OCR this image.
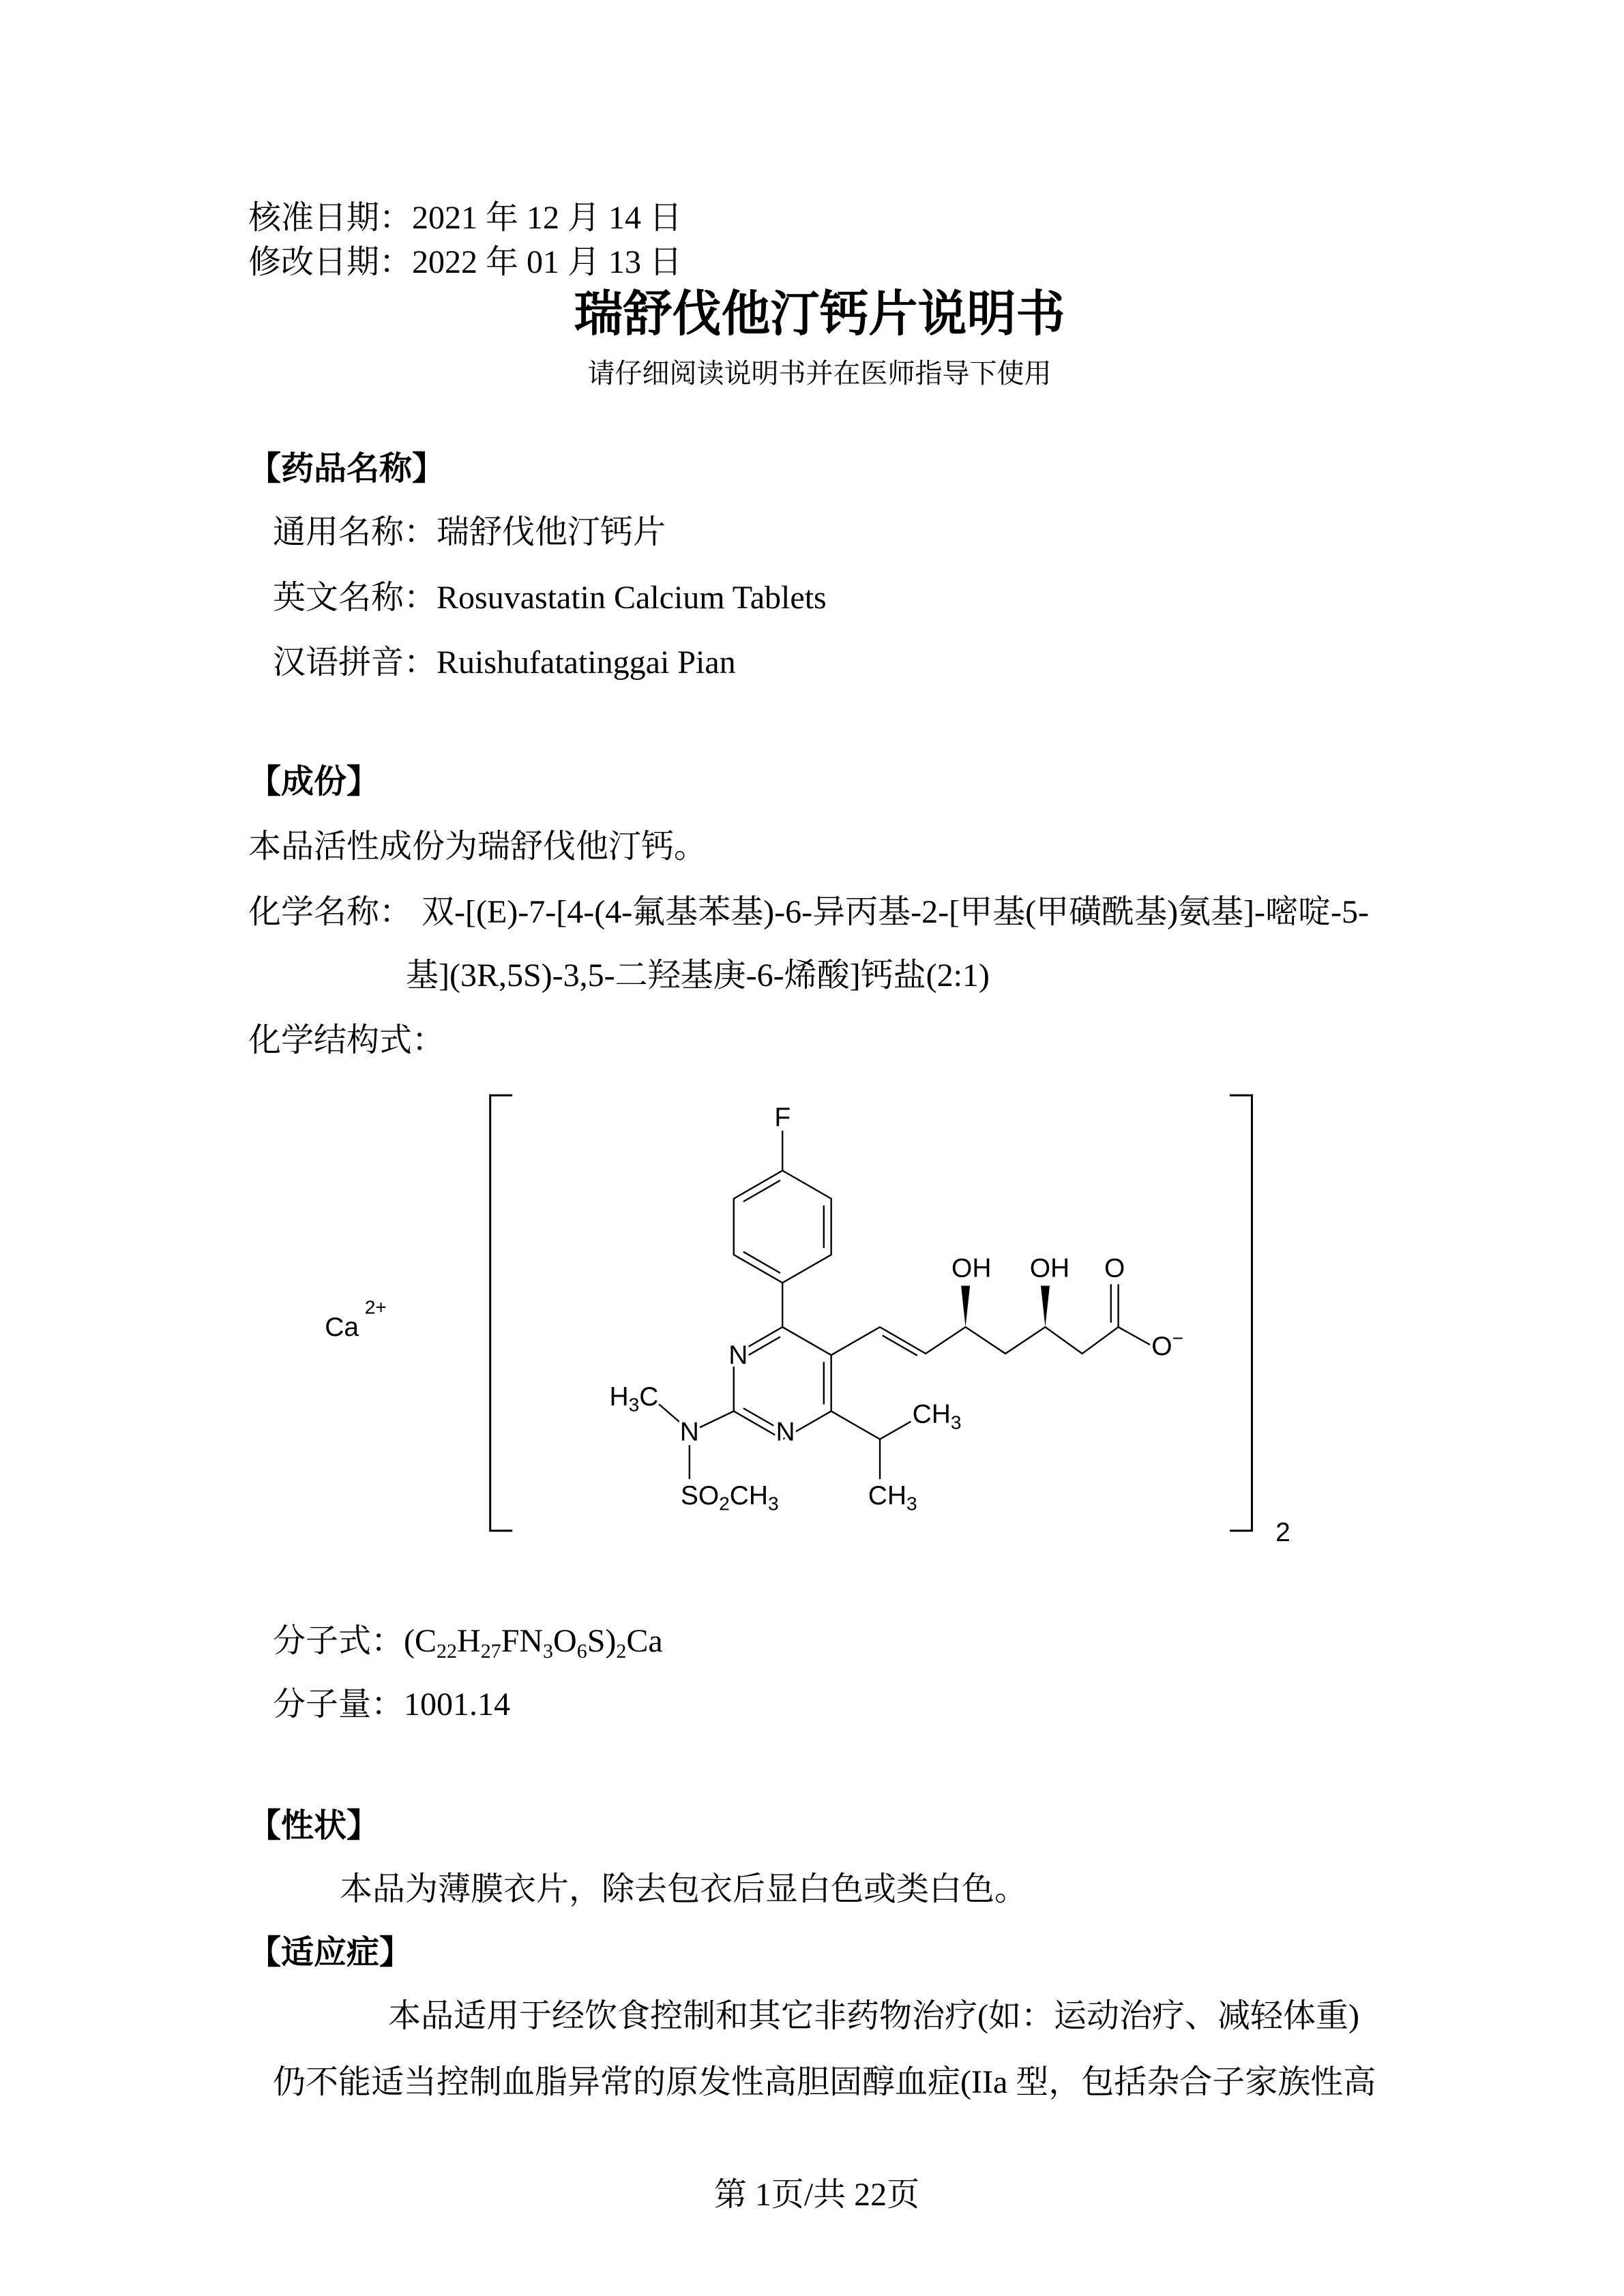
核准日期：2021 年 12 月 14 日
修改日期：2022 年 01 月 13 日
瑞舒伐他汀钙片说明书
请仔细阅读说明书并在医师指导下使用
【药品名称】
通用名称：瑞舒伐他汀钙片
英文名称：Rosuvastatin Calcium Tablets
汉语拼音：Ruishufatatinggai Pian
【成份】
本品活性成份为瑞舒伐他汀钙。
化学名称： 双-[(E)-7-[4-(4-氟基苯基)-6-异丙基-2-[甲基(甲磺酰基)氨基]-嘧啶-5-
基](3R,5S)-3,5-二羟基庚-6-烯酸]钙盐(2:1)
化学结构式：
F
OH	OH	O
O−
N
N
N
$H_3C$
$SO_2CH_3$
$CH_3$
$CH_3$
$Ca^{2+}$
2
分子式：$(C_{22}H_{27}FN_3O_6S)_2Ca$
分子量：1001.14
【性状】
本品为薄膜衣片，除去包衣后显白色或类白色。
【适应症】
本品适用于经饮食控制和其它非药物治疗(如：运动治疗、减轻体重)
仍不能适当控制血脂异常的原发性高胆固醇血症(IIa 型，包括杂合子家族性高
第 1页/共 22页
